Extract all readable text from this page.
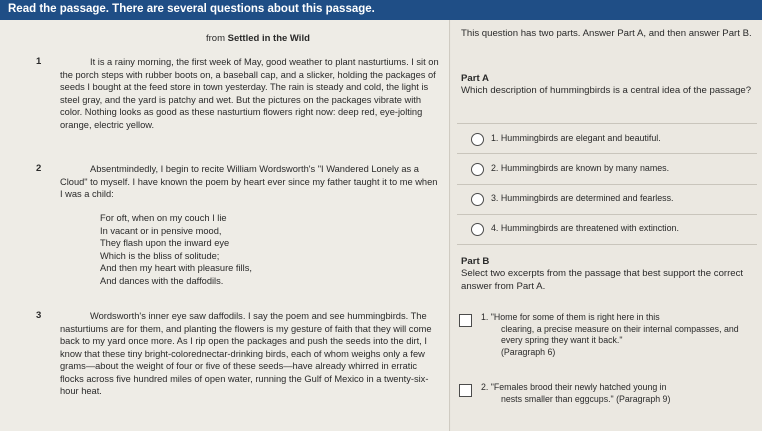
Read the passage. There are several questions about this passage.
from Settled in the Wild
1	It is a rainy morning, the first week of May, good weather to plant nasturtiums. I sit on the porch steps with rubber boots on, a baseball cap, and a slicker, holding the packages of seeds I bought at the feed store in town yesterday. The rain is steady and cold, the light is steel gray, and the yard is patchy and wet. But the pictures on the packages vibrate with color. Nothing looks as good as these nasturtium flowers right now: deep red, eye-jolting orange, electric yellow.
2	Absentmindedly, I begin to recite William Wordsworth's "I Wandered Lonely as a Cloud" to myself. I have known the poem by heart ever since my father taught it to me when I was a child:
For oft, when on my couch I lie
In vacant or in pensive mood,
They flash upon the inward eye
Which is the bliss of solitude;
And then my heart with pleasure fills,
And dances with the daffodils.
3	Wordsworth's inner eye saw daffodils. I say the poem and see hummingbirds. The nasturtiums are for them, and planting the flowers is my gesture of faith that they will come back to my yard once more. As I rip open the packages and push the seeds into the dirt, I know that these tiny bright-colorednectar-drinking birds, each of whom weighs only a few grams—about the weight of four or five of these seeds—have already whirred in erratic flocks across five hundred miles of open water, running the Gulf of Mexico in a twenty-six-hour heat.
This question has two parts. Answer Part A, and then answer Part B.
Part A
Which description of hummingbirds is a central idea of the passage?
1. Hummingbirds are elegant and beautiful.
2. Hummingbirds are known by many names.
3. Hummingbirds are determined and fearless.
4. Hummingbirds are threatened with extinction.
Part B
Select two excerpts from the passage that best support the correct answer from Part A.
1. "Home for some of them is right here in this
clearing, a precise measure on their internal compasses, and every spring they want it back."
(Paragraph 6)
2. "Females brood their newly hatched young in
nests smaller than eggcups." (Paragraph 9)
